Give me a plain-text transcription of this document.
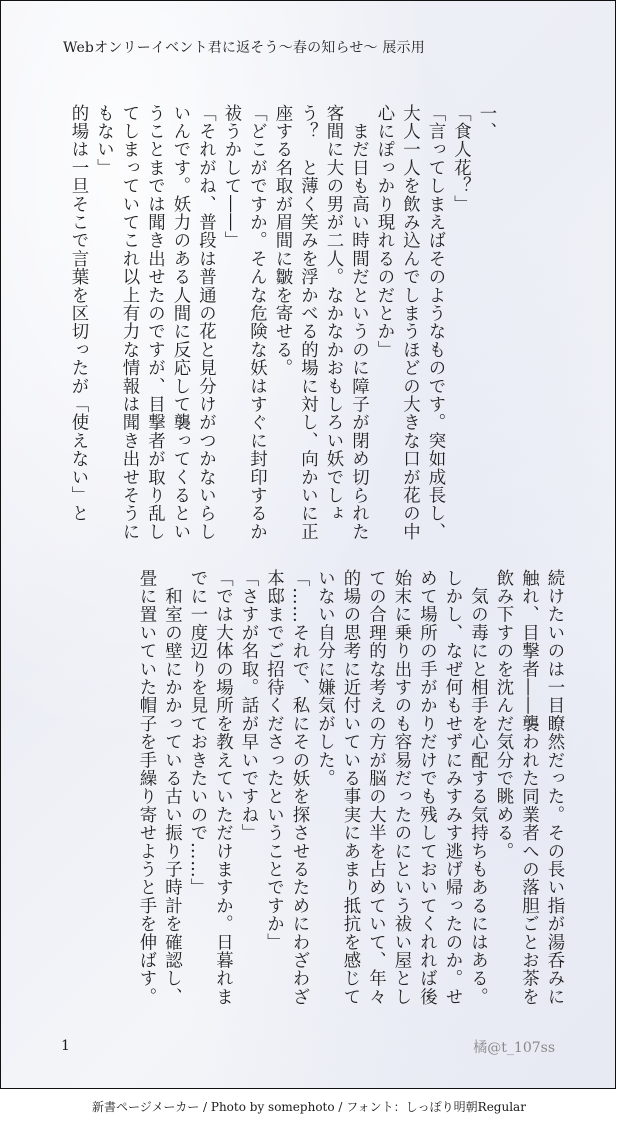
Webオンリーイベント君に返そう〜春の知らせ〜 展示用
一、
「食人花？」
「言ってしまえばそのようなものです。突如成長し、
大人一人を飲み込んでしまうほどの大きな口が花の中
心にぽっかり現れるのだとか」
　まだ日も高い時間だというのに障子が閉め切られた
客間に大の男が二人。なかなかおもしろい妖でしょ
う？　と薄く笑みを浮かべる的場に対し、向かいに正
座する名取が眉間に皺を寄せる。
「どこがですか。そんな危険な妖はすぐに封印するか
祓うかして――」
「それがね、普段は普通の花と見分けがつかないらし
いんです。妖力のある人間に反応して襲ってくるとい
うことまでは聞き出せたのですが、目撃者が取り乱し
てしまっていてこれ以上有力な情報は聞き出せそうに
もない」
的場は一旦そこで言葉を区切ったが「使えない」と
続けたいのは一目瞭然だった。その長い指が湯呑みに
触れ、目撃者――襲われた同業者への落胆ごとお茶を
飲み下すのを沈んだ気分で眺める。
　気の毒にと相手を心配する気持ちもあるにはある。
しかし、なぜ何もせずにみすみす逃げ帰ったのか。せ
めて場所の手がかりだけでも残しておいてくれれば後
始末に乗り出すのも容易だったのにという祓い屋とし
ての合理的な考えの方が脳の大半を占めていて、年々
的場の思考に近付いている事実にあまり抵抗を感じて
いない自分に嫌気がした。
「……それで、私にその妖を探させるためにわざわざ
本邸までご招待くださったということですか」
「さすが名取。話が早いですね」
「では大体の場所を教えていただけますか。日暮れま
でに一度辺りを見ておきたいので……」
　和室の壁にかかっている古い振り子時計を確認し、
畳に置いていた帽子を手繰り寄せようと手を伸ばす。
1	橘@t_107ss
新書ページメーカー / Photo by somephoto / フォント：しっぽり明朝Regular
